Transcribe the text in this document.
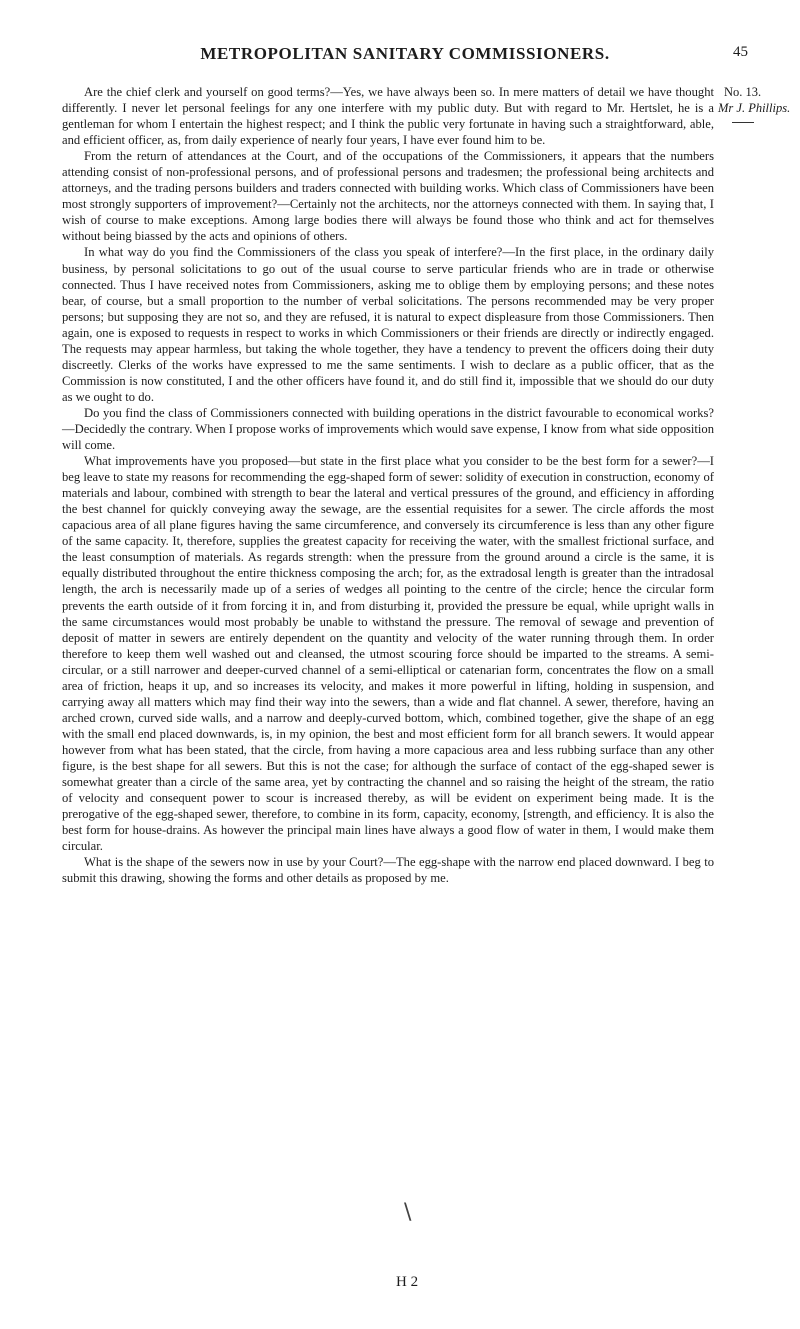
METROPOLITAN SANITARY COMMISSIONERS.	45
No. 13.
Mr J. Phillips.

Are the chief clerk and yourself on good terms?—Yes, we have always been so. In mere matters of detail we have thought differently. I never let personal feelings for any one interfere with my public duty. But with regard to Mr. Hertslet, he is a gentleman for whom I entertain the highest respect; and I think the public very fortunate in having such a straightforward, able, and efficient officer, as, from daily experience of nearly four years, I have ever found him to be.

From the return of attendances at the Court, and of the occupations of the Commissioners, it appears that the numbers attending consist of non-professional persons, and of professional persons and tradesmen; the professional being architects and attorneys, and the trading persons builders and traders connected with building works. Which class of Commissioners have been most strongly supporters of improvement?—Certainly not the architects, nor the attorneys connected with them. In saying that, I wish of course to make exceptions. Among large bodies there will always be found those who think and act for themselves without being biassed by the acts and opinions of others.

In what way do you find the Commissioners of the class you speak of interfere?—In the first place, in the ordinary daily business, by personal solicitations to go out of the usual course to serve particular friends who are in trade or otherwise connected. Thus I have received notes from Commissioners, asking me to oblige them by employing persons; and these notes bear, of course, but a small proportion to the number of verbal solicitations. The persons recommended may be very proper persons; but supposing they are not so, and they are refused, it is natural to expect displeasure from those Commissioners. Then again, one is exposed to requests in respect to works in which Commissioners or their friends are directly or indirectly engaged. The requests may appear harmless, but taking the whole together, they have a tendency to prevent the officers doing their duty discreetly. Clerks of the works have expressed to me the same sentiments. I wish to declare as a public officer, that as the Commission is now constituted, I and the other officers have found it, and do still find it, impossible that we should do our duty as we ought to do.

Do you find the class of Commissioners connected with building operations in the district favourable to economical works?—Decidedly the contrary. When I propose works of improvements which would save expense, I know from what side opposition will come.

What improvements have you proposed—but state in the first place what you consider to be the best form for a sewer?—I beg leave to state my reasons for recommending the egg-shaped form of sewer: solidity of execution in construction, economy of materials and labour, combined with strength to bear the lateral and vertical pressures of the ground, and efficiency in affording the best channel for quickly conveying away the sewage, are the essential requisites for a sewer. The circle affords the most capacious area of all plane figures having the same circumference, and conversely its circumference is less than any other figure of the same capacity. It, therefore, supplies the greatest capacity for receiving the water, with the smallest frictional surface, and the least consumption of materials. As regards strength: when the pressure from the ground around a circle is the same, it is equally distributed throughout the entire thickness composing the arch; for, as the extradosal length is greater than the intradosal length, the arch is necessarily made up of a series of wedges all pointing to the centre of the circle; hence the circular form prevents the earth outside of it from forcing it in, and from disturbing it, provided the pressure be equal, while upright walls in the same circumstances would most probably be unable to withstand the pressure. The removal of sewage and prevention of deposit of matter in sewers are entirely dependent on the quantity and velocity of the water running through them. In order therefore to keep them well washed out and cleansed, the utmost scouring force should be imparted to the streams. A semi-circular, or a still narrower and deeper-curved channel of a semi-elliptical or catenarian form, concentrates the flow on a small area of friction, heaps it up, and so increases its velocity, and makes it more powerful in lifting, holding in suspension, and carrying away all matters which may find their way into the sewers, than a wide and flat channel. A sewer, therefore, having an arched crown, curved side walls, and a narrow and deeply-curved bottom, which, combined together, give the shape of an egg with the small end placed downwards, is, in my opinion, the best and most efficient form for all branch sewers. It would appear however from what has been stated, that the circle, from having a more capacious area and less rubbing surface than any other figure, is the best shape for all sewers. But this is not the case; for although the surface of contact of the egg-shaped sewer is somewhat greater than a circle of the same area, yet by contracting the channel and so raising the height of the stream, the ratio of velocity and consequent power to scour is increased thereby, as will be evident on experiment being made. It is the prerogative of the egg-shaped sewer, therefore, to combine in its form, capacity, economy, [strength, and efficiency. It is also the best form for house-drains. As however the principal main lines have always a good flow of water in them, I would make them circular.

What is the shape of the sewers now in use by your Court?—The egg-shape with the narrow end placed downward. I beg to submit this drawing, showing the forms and other details as proposed by me.

\
H 2
